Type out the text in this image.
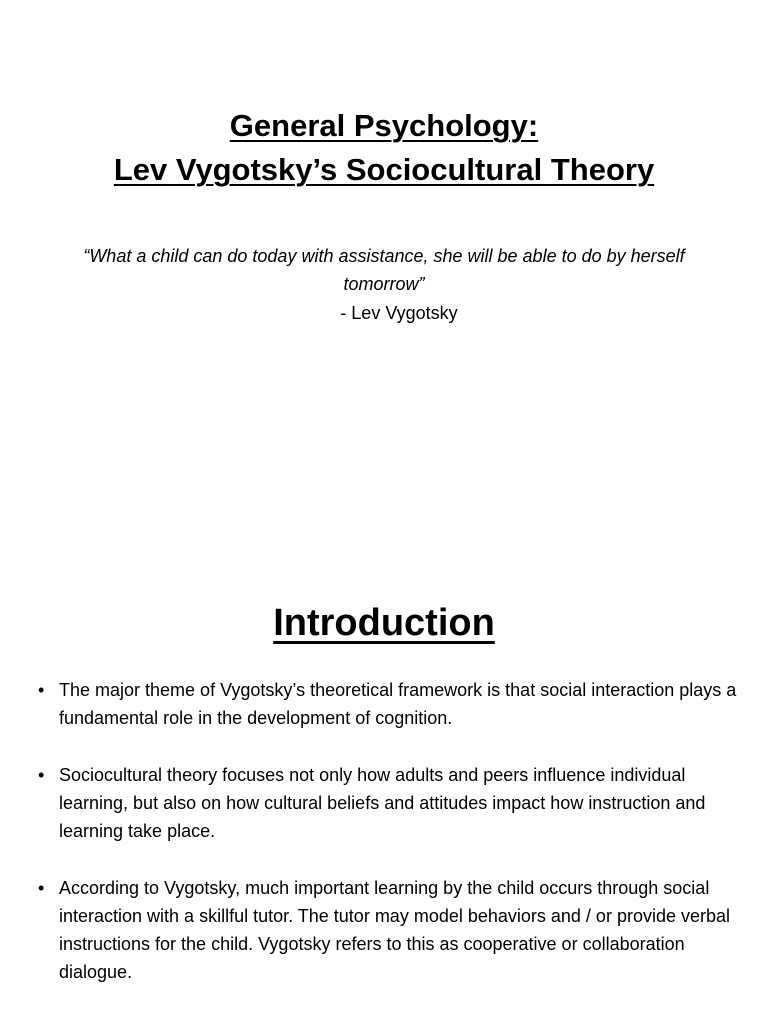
General Psychology:
Lev Vygotsky’s Sociocultural Theory

“What a child can do today with assistance, she will be able to do by herself tomorrow”

- Lev Vygotsky

Introduction
• The major theme of Vygotsky’s theoretical framework is that social interaction plays a fundamental role in the development of cognition.
• Sociocultural theory focuses not only how adults and peers influence individual learning, but also on how cultural beliefs and attitudes impact how instruction and learning take place.
• According to Vygotsky, much important learning by the child occurs through social interaction with a skillful tutor. The tutor may model behaviors and / or provide verbal instructions for the child. Vygotsky refers to this as cooperative or collaboration dialogue.
